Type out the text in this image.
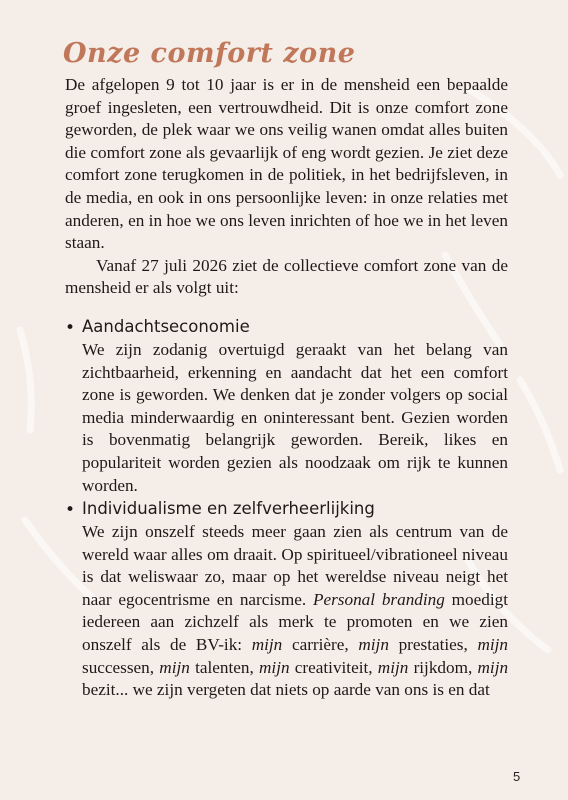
Onze comfort zone

De afgelopen 9 tot 10 jaar is er in de mensheid een bepaalde groef ingesleten, een vertrouwdheid. Dit is onze comfort zone geworden, de plek waar we ons veilig wanen omdat alles buiten die comfort zone als gevaarlijk of eng wordt gezien. Je ziet deze comfort zone terugkomen in de politiek, in het bedrijfsleven, in de media, en ook in ons persoonlijke leven: in onze relaties met anderen, en in hoe we ons leven inrichten of hoe we in het leven staan.

Vanaf 27 juli 2026 ziet de collectieve comfort zone van de mensheid er als volgt uit:

• Aandachtseconomie

We zijn zodanig overtuigd geraakt van het belang van zichtbaarheid, erkenning en aandacht dat het een comfort zone is geworden. We denken dat je zonder volgers op social media minderwaardig en oninteressant bent. Gezien worden is bovenmatig belangrijk geworden. Bereik, likes en populariteit worden gezien als noodzaak om rijk te kunnen worden.

• Individualisme en zelfverheerlijking

We zijn onszelf steeds meer gaan zien als centrum van de wereld waar alles om draait. Op spiritueel/vibrationeel niveau is dat weliswaar zo, maar op het wereldse niveau neigt het naar egocentrisme en narcisme. Personal branding moedigt iedereen aan zichzelf als merk te promoten en we zien onszelf als de BV-ik: mijn carrière, mijn prestaties, mijn successen, mijn talenten, mijn creativiteit, mijn rijkdom, mijn bezit... we zijn vergeten dat niets op aarde van ons is en dat

5
